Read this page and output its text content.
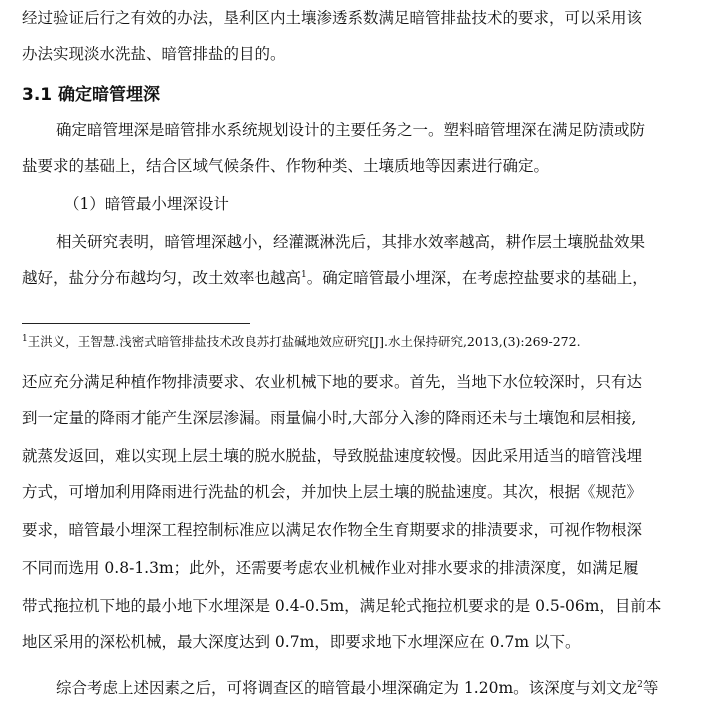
经过验证后行之有效的办法，垦利区内土壤渗透系数满足暗管排盐技术的要求，可以采用该
办法实现淡水洗盐、暗管排盐的目的。
3.1 确定暗管埋深
确定暗管埋深是暗管排水系统规划设计的主要任务之一。塑料暗管埋深在满足防渍或防
盐要求的基础上，结合区域气候条件、作物种类、土壤质地等因素进行确定。
（1）暗管最小埋深设计
相关研究表明，暗管埋深越小，经灌溉淋洗后，其排水效率越高，耕作层土壤脱盐效果
越好，盐分分布越均匀，改土效率也越高$^1$。确定暗管最小埋深，在考虑控盐要求的基础上，
$^1$王洪义，王智慧.浅密式暗管排盐技术改良苏打盐碱地效应研究[J].水土保持研究,2013,(3):269-272.
还应充分满足种植作物排渍要求、农业机械下地的要求。首先，当地下水位较深时，只有达
到一定量的降雨才能产生深层渗漏。雨量偏小时,大部分入渗的降雨还未与土壤饱和层相接,
就蒸发返回，难以实现上层土壤的脱水脱盐，导致脱盐速度较慢。因此采用适当的暗管浅埋
方式，可增加利用降雨进行洗盐的机会，并加快上层土壤的脱盐速度。其次，根据《规范》
要求，暗管最小埋深工程控制标准应以满足农作物全生育期要求的排渍要求，可视作物根深
不同而选用 0.8-1.3m；此外，还需要考虑农业机械作业对排水要求的排渍深度，如满足履
带式拖拉机下地的最小地下水埋深是 0.4-0.5m，满足轮式拖拉机要求的是 0.5-06m，目前本
地区采用的深松机械，最大深度达到 0.7m，即要求地下水埋深应在 0.7m 以下。
综合考虑上述因素之后，可将调查区的暗管最小埋深确定为 1.20m。该深度与刘文龙$^2$等
